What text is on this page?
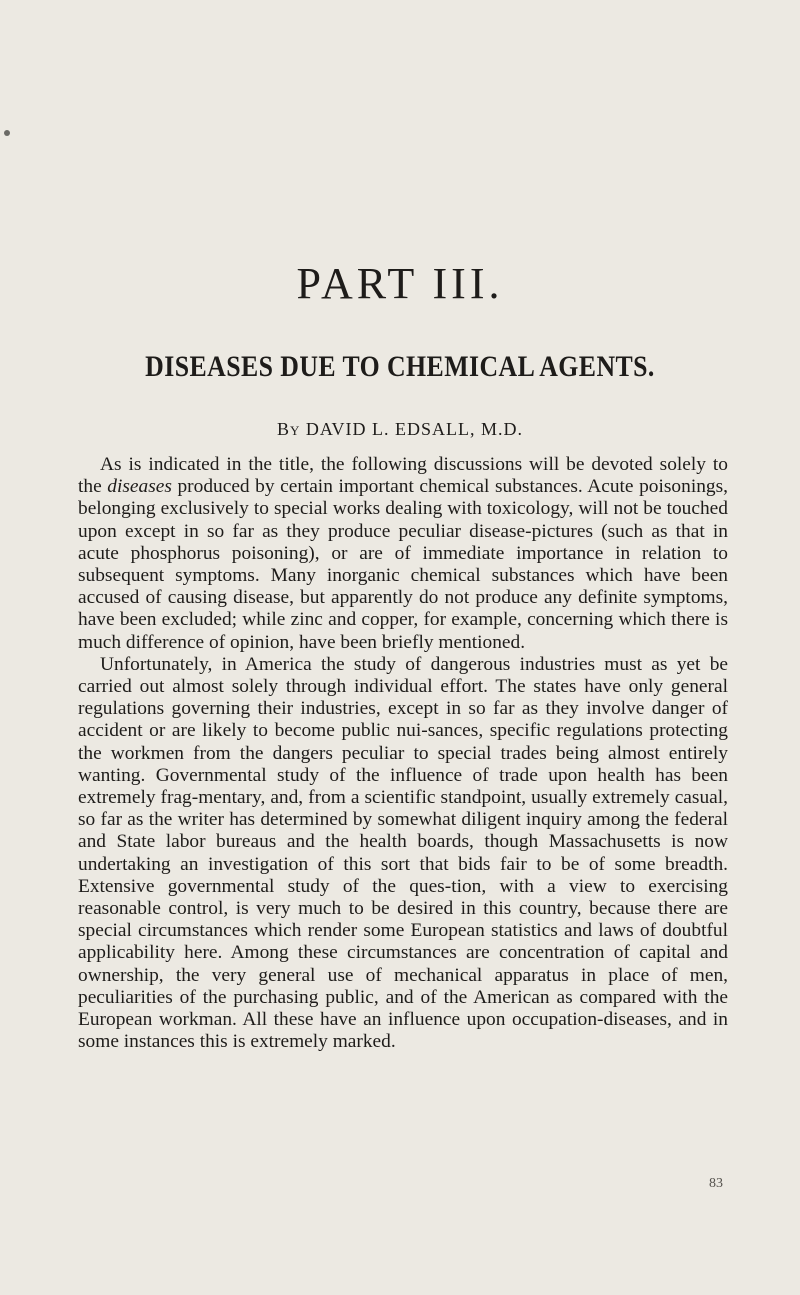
PART III.
DISEASES DUE TO CHEMICAL AGENTS.
By DAVID L. EDSALL, M.D.

As is indicated in the title, the following discussions will be devoted solely to the diseases produced by certain important chemical substances. Acute poisonings, belonging exclusively to special works dealing with toxicology, will not be touched upon except in so far as they produce peculiar disease-pictures (such as that in acute phosphorus poisoning), or are of immediate importance in relation to subsequent symptoms. Many inorganic chemical substances which have been accused of causing disease, but apparently do not produce any definite symptoms, have been excluded; while zinc and copper, for example, concerning which there is much difference of opinion, have been briefly mentioned.

Unfortunately, in America the study of dangerous industries must as yet be carried out almost solely through individual effort. The states have only general regulations governing their industries, except in so far as they involve danger of accident or are likely to become public nui-sances, specific regulations protecting the workmen from the dangers peculiar to special trades being almost entirely wanting. Governmental study of the influence of trade upon health has been extremely frag-mentary, and, from a scientific standpoint, usually extremely casual, so far as the writer has determined by somewhat diligent inquiry among the federal and State labor bureaus and the health boards, though Massachusetts is now undertaking an investigation of this sort that bids fair to be of some breadth. Extensive governmental study of the ques-tion, with a view to exercising reasonable control, is very much to be desired in this country, because there are special circumstances which render some European statistics and laws of doubtful applicability here. Among these circumstances are concentration of capital and ownership, the very general use of mechanical apparatus in place of men, peculiarities of the purchasing public, and of the American as compared with the European workman. All these have an influence upon occupation-diseases, and in some instances this is extremely marked.

83
